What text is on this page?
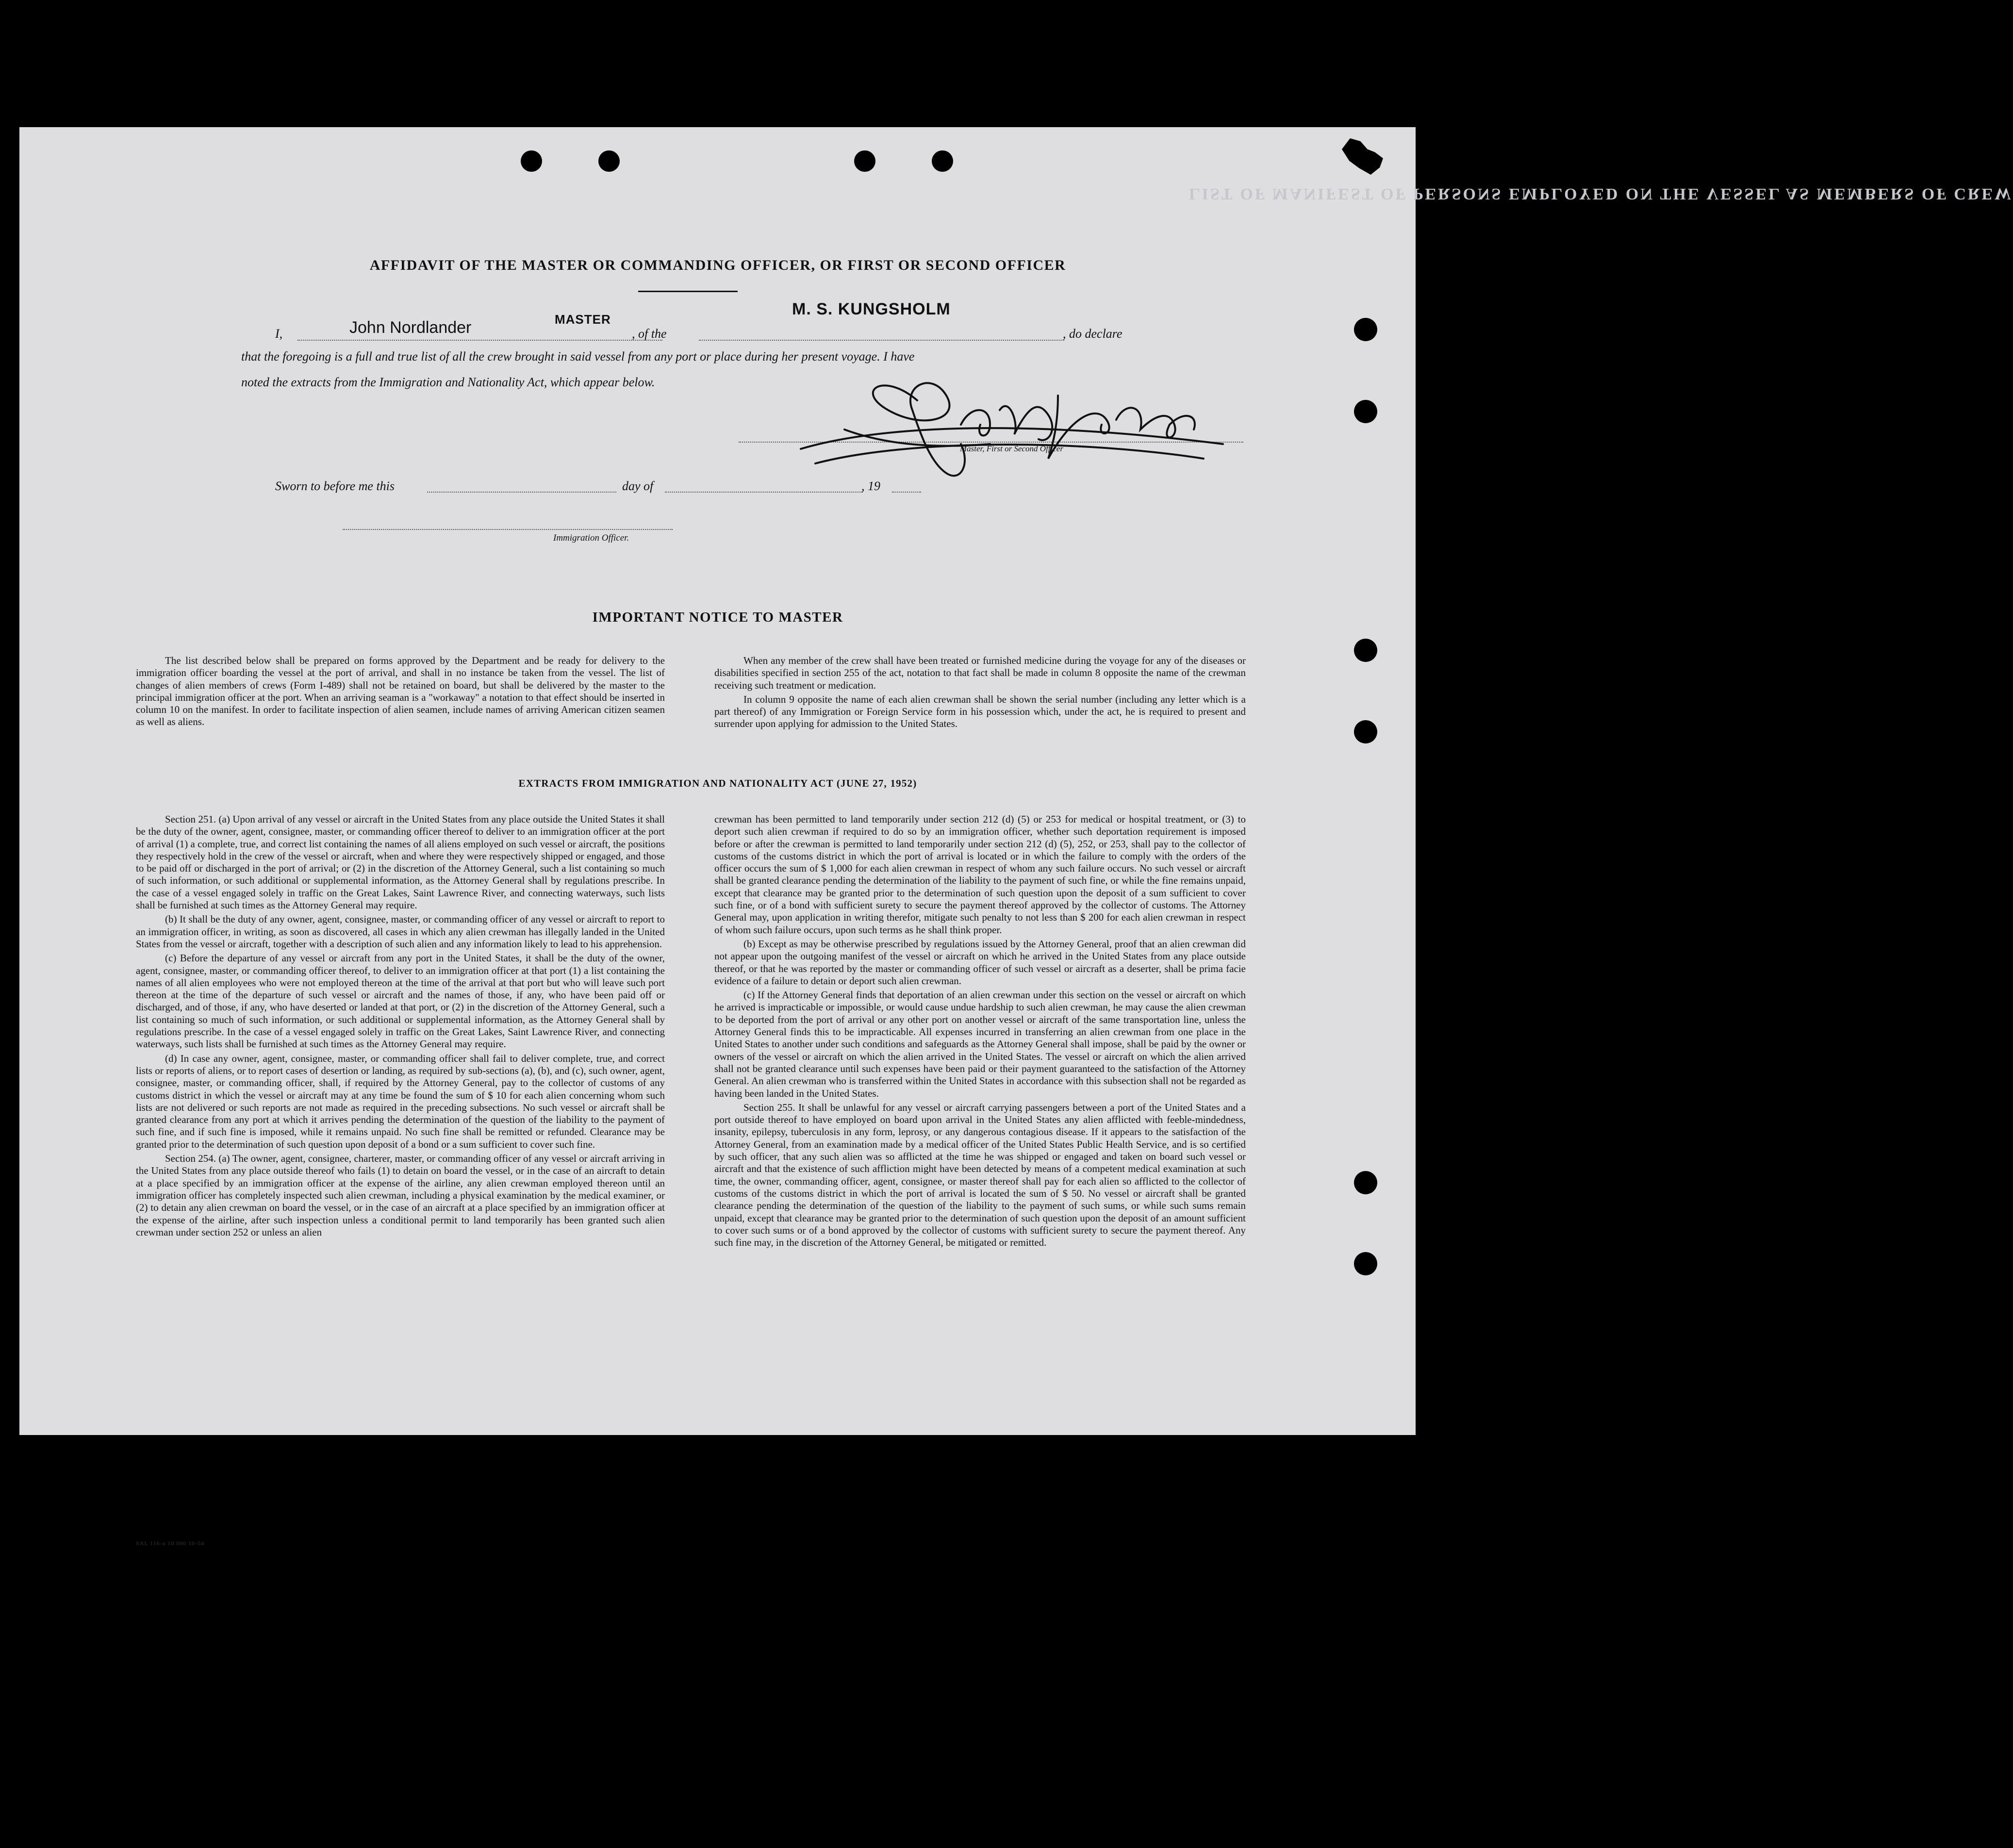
LIST OF MANIFEST OF PERSONS EMPLOYED ON THE VESSEL AS MEMBERS OF CREW
AFFIDAVIT OF THE MASTER OR COMMANDING OFFICER, OR FIRST OR SECOND OFFICER
I,	John Nordlander	MASTER
, of the
M. S. KUNGSHOLM
, do declare
that the foregoing is a full and true list of all the crew brought in said vessel from any port or place during her present voyage. I have
noted the extracts from the Immigration and Nationality Act, which appear below.
Master, First or Second Officer
Sworn to before me this	day of	, 19
Immigration Officer.
IMPORTANT NOTICE TO MASTER

The list described below shall be prepared on forms approved by the Department and be ready for delivery to the immigration officer boarding the vessel at the port of arrival, and shall in no instance be taken from the vessel. The list of changes of alien members of crews (Form I-489) shall not be retained on board, but shall be delivered by the master to the principal immigration officer at the port. When an arriving seaman is a "workaway" a notation to that effect should be inserted in column 10 on the manifest. In order to facilitate inspection of alien seamen, include names of arriving American citizen seamen as well as aliens.

When any member of the crew shall have been treated or furnished medicine during the voyage for any of the diseases or disabilities specified in section 255 of the act, notation to that fact shall be made in column 8 opposite the name of the crewman receiving such treatment or medication.

In column 9 opposite the name of each alien crewman shall be shown the serial number (including any letter which is a part thereof) of any Immigration or Foreign Service form in his possession which, under the act, he is required to present and surrender upon applying for admission to the United States.

EXTRACTS FROM IMMIGRATION AND NATIONALITY ACT (JUNE 27, 1952)

Section 251. (a) Upon arrival of any vessel or aircraft in the United States from any place outside the United States it shall be the duty of the owner, agent, consignee, master, or commanding officer thereof to deliver to an immigration officer at the port of arrival (1) a complete, true, and correct list containing the names of all aliens employed on such vessel or aircraft, the positions they respectively hold in the crew of the vessel or aircraft, when and where they were respectively shipped or engaged, and those to be paid off or discharged in the port of arrival; or (2) in the discretion of the Attorney General, such a list containing so much of such information, or such additional or supplemental information, as the Attorney General shall by regulations prescribe. In the case of a vessel engaged solely in traffic on the Great Lakes, Saint Lawrence River, and connecting waterways, such lists shall be furnished at such times as the Attorney General may require.

(b) It shall be the duty of any owner, agent, consignee, master, or commanding officer of any vessel or aircraft to report to an immigration officer, in writing, as soon as discovered, all cases in which any alien crewman has illegally landed in the United States from the vessel or aircraft, together with a description of such alien and any information likely to lead to his apprehension.

(c) Before the departure of any vessel or aircraft from any port in the United States, it shall be the duty of the owner, agent, consignee, master, or commanding officer thereof, to deliver to an immigration officer at that port (1) a list containing the names of all alien employees who were not employed thereon at the time of the arrival at that port but who will leave such port thereon at the time of the departure of such vessel or aircraft and the names of those, if any, who have been paid off or discharged, and of those, if any, who have deserted or landed at that port, or (2) in the discretion of the Attorney General, such a list containing so much of such information, or such additional or supplemental information, as the Attorney General shall by regulations prescribe. In the case of a vessel engaged solely in traffic on the Great Lakes, Saint Lawrence River, and connecting waterways, such lists shall be furnished at such times as the Attorney General may require.

(d) In case any owner, agent, consignee, master, or commanding officer shall fail to deliver complete, true, and correct lists or reports of aliens, or to report cases of desertion or landing, as required by sub-sections (a), (b), and (c), such owner, agent, consignee, master, or commanding officer, shall, if required by the Attorney General, pay to the collector of customs of any customs district in which the vessel or aircraft may at any time be found the sum of $ 10 for each alien concerning whom such lists are not delivered or such reports are not made as required in the preceding subsections. No such vessel or aircraft shall be granted clearance from any port at which it arrives pending the determination of the question of the liability to the payment of such fine, and if such fine is imposed, while it remains unpaid. No such fine shall be remitted or refunded. Clearance may be granted prior to the determination of such question upon deposit of a bond or a sum sufficient to cover such fine.

Section 254. (a) The owner, agent, consignee, charterer, master, or commanding officer of any vessel or aircraft arriving in the United States from any place outside thereof who fails (1) to detain on board the vessel, or in the case of an aircraft to detain at a place specified by an immigration officer at the expense of the airline, any alien crewman employed thereon until an immigration officer has completely inspected such alien crewman, including a physical examination by the medical examiner, or (2) to detain any alien crewman on board the vessel, or in the case of an aircraft at a place specified by an immigration officer at the expense of the airline, after such inspection unless a conditional permit to land temporarily has been granted such alien crewman under section 252 or unless an alien

crewman has been permitted to land temporarily under section 212 (d) (5) or 253 for medical or hospital treatment, or (3) to deport such alien crewman if required to do so by an immigration officer, whether such deportation requirement is imposed before or after the crewman is permitted to land temporarily under section 212 (d) (5), 252, or 253, shall pay to the collector of customs of the customs district in which the port of arrival is located or in which the failure to comply with the orders of the officer occurs the sum of $ 1,000 for each alien crewman in respect of whom any such failure occurs. No such vessel or aircraft shall be granted clearance pending the determination of the liability to the payment of such fine, or while the fine remains unpaid, except that clearance may be granted prior to the determination of such question upon the deposit of a sum sufficient to cover such fine, or of a bond with sufficient surety to secure the payment thereof approved by the collector of customs. The Attorney General may, upon application in writing therefor, mitigate such penalty to not less than $ 200 for each alien crewman in respect of whom such failure occurs, upon such terms as he shall think proper.

(b) Except as may be otherwise prescribed by regulations issued by the Attorney General, proof that an alien crewman did not appear upon the outgoing manifest of the vessel or aircraft on which he arrived in the United States from any place outside thereof, or that he was reported by the master or commanding officer of such vessel or aircraft as a deserter, shall be prima facie evidence of a failure to detain or deport such alien crewman.

(c) If the Attorney General finds that deportation of an alien crewman under this section on the vessel or aircraft on which he arrived is impracticable or impossible, or would cause undue hardship to such alien crewman, he may cause the alien crewman to be deported from the port of arrival or any other port on another vessel or aircraft of the same transportation line, unless the Attorney General finds this to be impracticable. All expenses incurred in transferring an alien crewman from one place in the United States to another under such conditions and safeguards as the Attorney General shall impose, shall be paid by the owner or owners of the vessel or aircraft on which the alien arrived in the United States. The vessel or aircraft on which the alien arrived shall not be granted clearance until such expenses have been paid or their payment guaranteed to the satisfaction of the Attorney General. An alien crewman who is transferred within the United States in accordance with this subsection shall not be regarded as having been landed in the United States.

Section 255. It shall be unlawful for any vessel or aircraft carrying passengers between a port of the United States and a port outside thereof to have employed on board upon arrival in the United States any alien afflicted with feeble-mindedness, insanity, epilepsy, tuberculosis in any form, leprosy, or any dangerous contagious disease. If it appears to the satisfaction of the Attorney General, from an examination made by a medical officer of the United States Public Health Service, and is so certified by such officer, that any such alien was so afflicted at the time he was shipped or engaged and taken on board such vessel or aircraft and that the existence of such affliction might have been detected by means of a competent medical examination at such time, the owner, commanding officer, agent, consignee, or master thereof shall pay for each alien so afflicted to the collector of customs of the customs district in which the port of arrival is located the sum of $ 50. No vessel or aircraft shall be granted clearance pending the determination of the question of the liability to the payment of such sums, or while such sums remain unpaid, except that clearance may be granted prior to the determination of such question upon the deposit of an amount sufficient to cover such sums or of a bond approved by the collector of customs with sufficient surety to secure the payment thereof. Any such fine may, in the discretion of the Attorney General, be mitigated or remitted.

SAL 116-a 10 000 10-54
